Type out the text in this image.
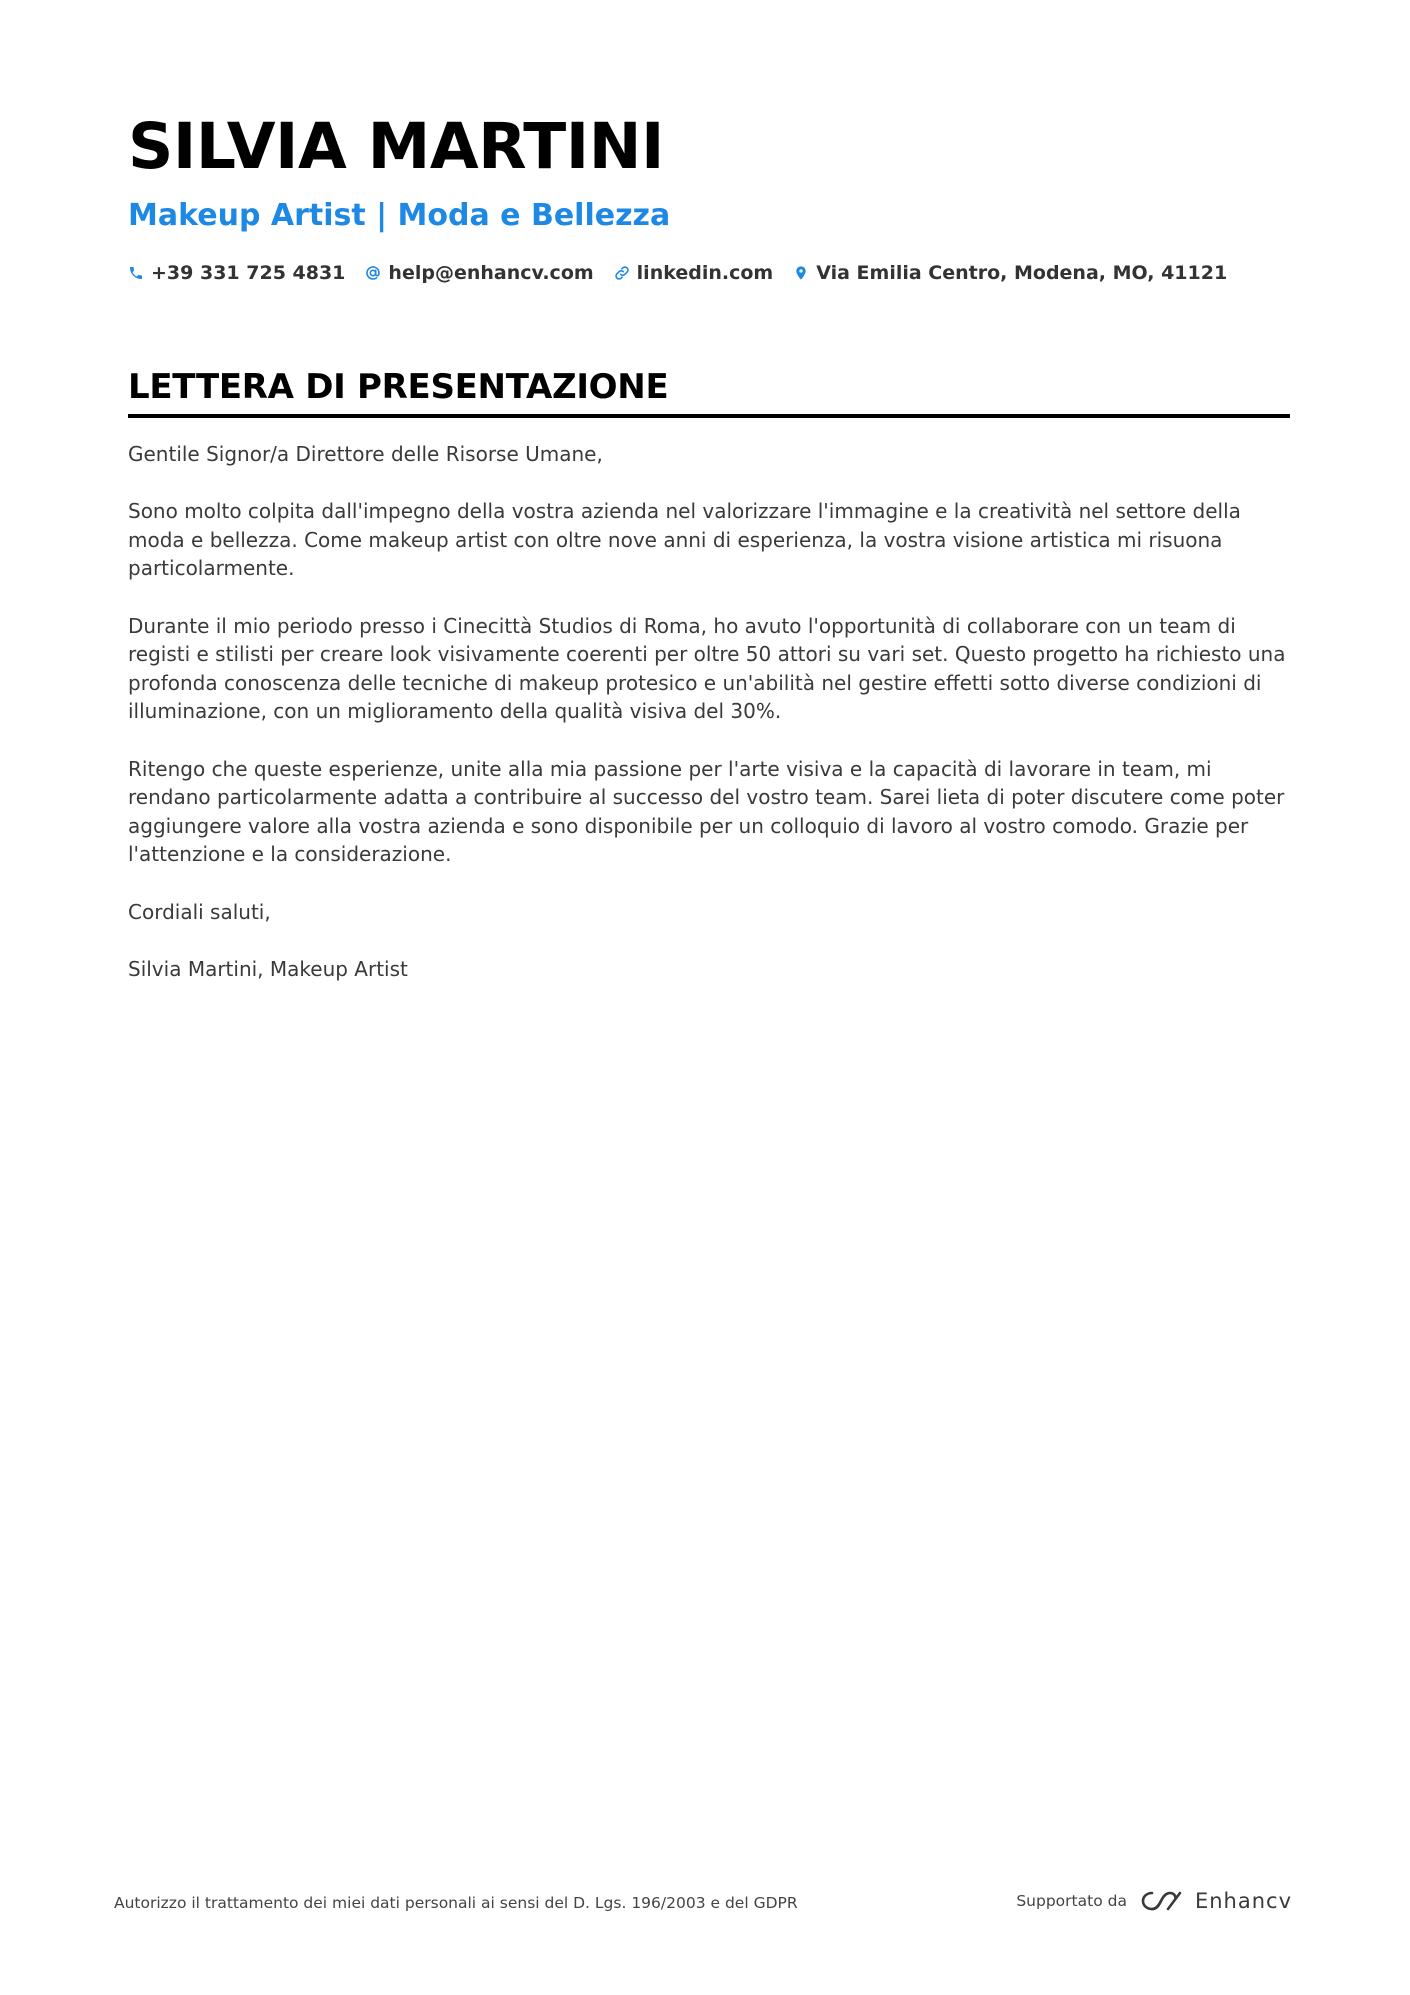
SILVIA MARTINI
Makeup Artist | Moda e Bellezza
+39 331 725 4831 help@enhancv.com linkedin.com Via Emilia Centro, Modena, MO, 41121
LETTERA DI PRESENTAZIONE

Gentile Signor/a Direttore delle Risorse Umane,

Sono molto colpita dall'impegno della vostra azienda nel valorizzare l'immagine e la creatività nel settore della moda e bellezza. Come makeup artist con oltre nove anni di esperienza, la vostra visione artistica mi risuona particolarmente.

Durante il mio periodo presso i Cinecittà Studios di Roma, ho avuto l'opportunità di collaborare con un team di registi e stilisti per creare look visivamente coerenti per oltre 50 attori su vari set. Questo progetto ha richiesto una profonda conoscenza delle tecniche di makeup protesico e un'abilità nel gestire effetti sotto diverse condizioni di illuminazione, con un miglioramento della qualità visiva del 30%.

Ritengo che queste esperienze, unite alla mia passione per l'arte visiva e la capacità di lavorare in team, mi rendano particolarmente adatta a contribuire al successo del vostro team. Sarei lieta di poter discutere come poter aggiungere valore alla vostra azienda e sono disponibile per un colloquio di lavoro al vostro comodo. Grazie per l'attenzione e la considerazione.

Cordiali saluti,

Silvia Martini, Makeup Artist

Autorizzo il trattamento dei miei dati personali ai sensi del D. Lgs. 196/2003 e del GDPR	Supportato da	Enhancv
